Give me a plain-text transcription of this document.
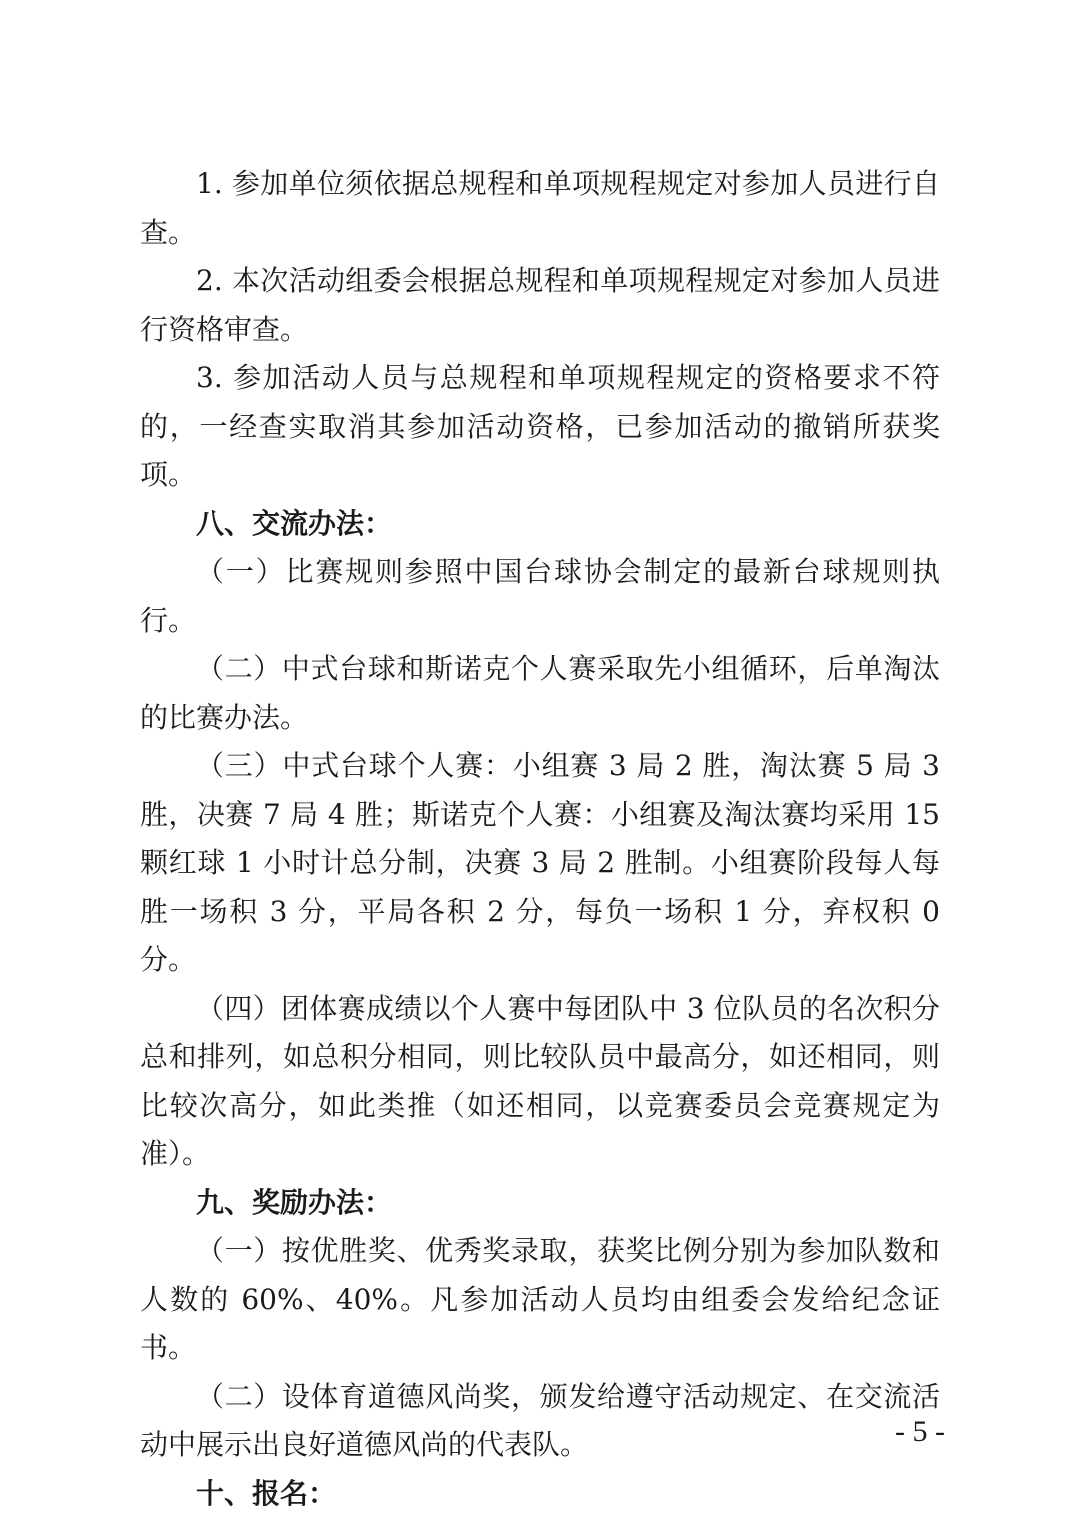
1. 参加单位须依据总规程和单项规程规定对参加人员进行自查。

2. 本次活动组委会根据总规程和单项规程规定对参加人员进行资格审查。

3. 参加活动人员与总规程和单项规程规定的资格要求不符的，一经查实取消其参加活动资格，已参加活动的撤销所获奖项。

八、交流办法：

（一）比赛规则参照中国台球协会制定的最新台球规则执行。

（二）中式台球和斯诺克个人赛采取先小组循环，后单淘汰的比赛办法。

（三）中式台球个人赛：小组赛 3 局 2 胜，淘汰赛 5 局 3 胜，决赛 7 局 4 胜；斯诺克个人赛：小组赛及淘汰赛均采用 15 颗红球 1 小时计总分制，决赛 3 局 2 胜制。小组赛阶段每人每胜一场积 3 分，平局各积 2 分，每负一场积 1 分，弃权积 0 分。

（四）团体赛成绩以个人赛中每团队中 3 位队员的名次积分总和排列，如总积分相同，则比较队员中最高分，如还相同，则比较次高分，如此类推（如还相同，以竞赛委员会竞赛规定为准）。

九、奖励办法：

（一）按优胜奖、优秀奖录取，获奖比例分别为参加队数和人数的 60%、40%。凡参加活动人员均由组委会发给纪念证书。

（二）设体育道德风尚奖，颁发给遵守活动规定、在交流活动中展示出良好道德风尚的代表队。

十、报名：

- 5 -
